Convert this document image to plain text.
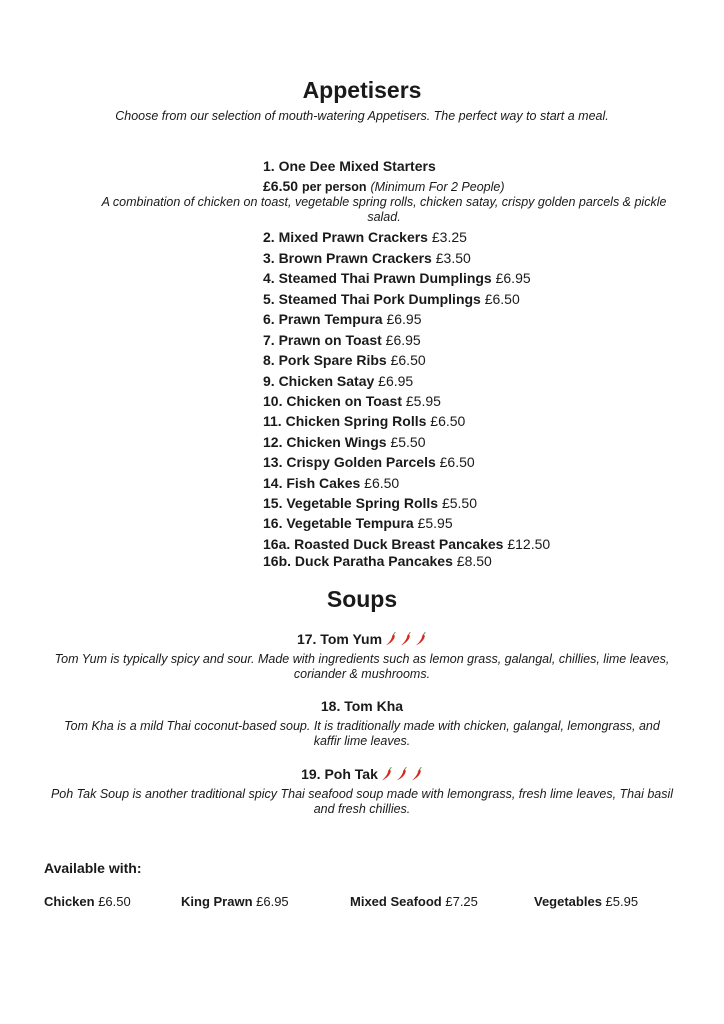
Appetisers
Choose from our selection of mouth-watering Appetisers. The perfect way to start a meal.
1. One Dee Mixed Starters
£6.50 per person (Minimum For 2 People)
A combination of chicken on toast, vegetable spring rolls, chicken satay, crispy golden parcels & pickle salad.
2. Mixed Prawn Crackers £3.25
3. Brown Prawn Crackers £3.50
4. Steamed Thai Prawn Dumplings £6.95
5. Steamed Thai Pork Dumplings £6.50
6. Prawn Tempura £6.95
7. Prawn on Toast £6.95
8. Pork Spare Ribs £6.50
9. Chicken Satay £6.95
10. Chicken on Toast £5.95
11. Chicken Spring Rolls £6.50
12. Chicken Wings £5.50
13. Crispy Golden Parcels £6.50
14. Fish Cakes £6.50
15. Vegetable Spring Rolls £5.50
16. Vegetable Tempura £5.95
16a. Roasted Duck Breast Pancakes £12.50
16b. Duck Paratha Pancakes £8.50
Soups
17. Tom Yum
Tom Yum is typically spicy and sour. Made with ingredients such as lemon grass, galangal, chillies, lime leaves, coriander & mushrooms.
18. Tom Kha
Tom Kha is a mild Thai coconut-based soup. It is traditionally made with chicken, galangal, lemongrass, and kaffir lime leaves.
19. Poh Tak
Poh Tak Soup is another traditional spicy Thai seafood soup made with lemongrass, fresh lime leaves, Thai basil and fresh chillies.
Available with:
Chicken £6.50	King Prawn £6.95	Mixed Seafood £7.25	Vegetables £5.95
